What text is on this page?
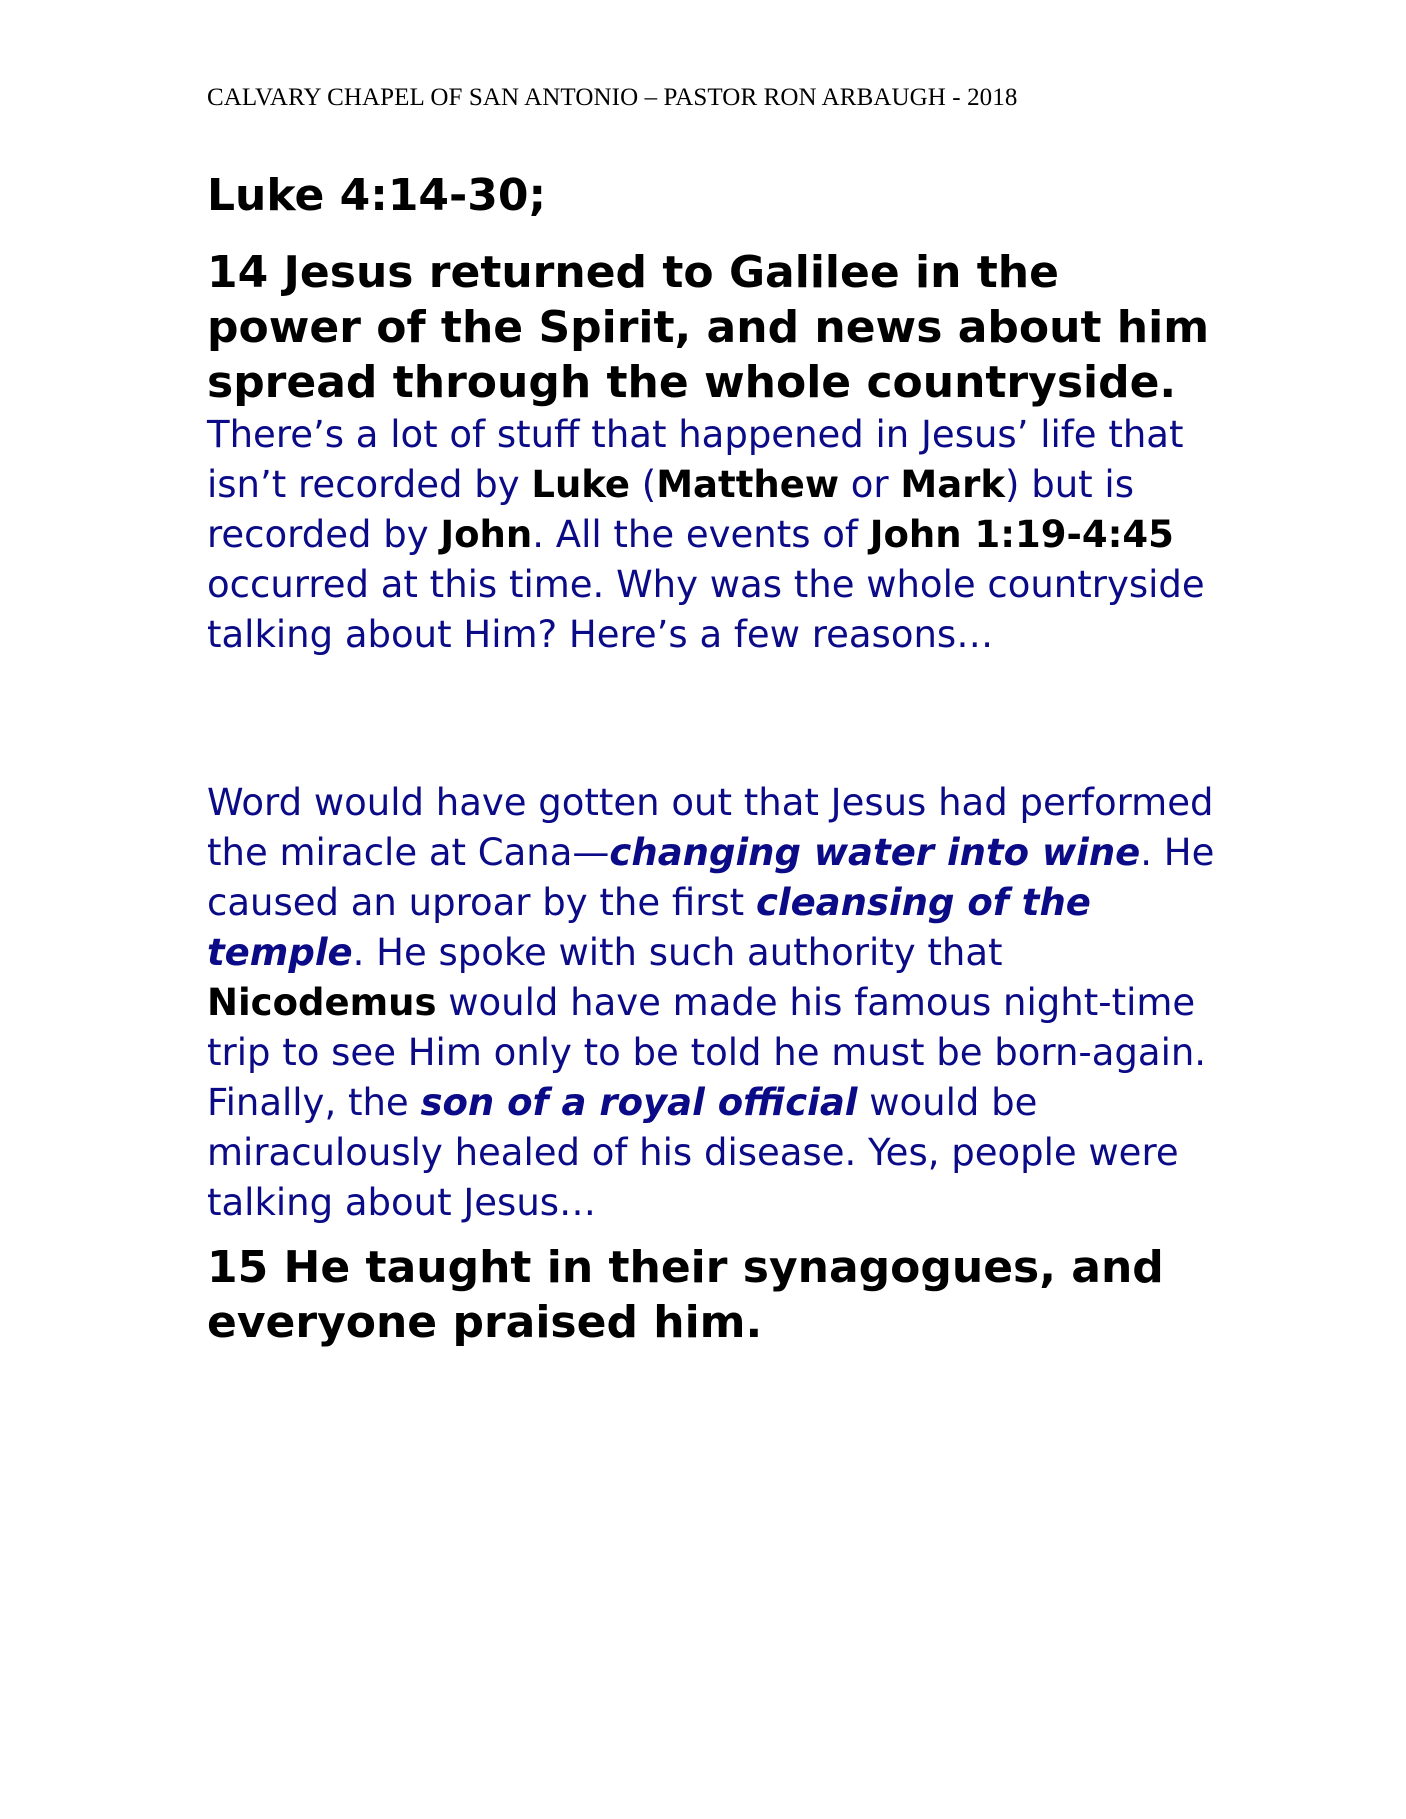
CALVARY CHAPEL OF SAN ANTONIO – PASTOR RON ARBAUGH - 2018

Luke 4:14-30;

14 Jesus returned to Galilee in the power of the Spirit, and news about him spread through the whole countryside. There’s a lot of stuff that happened in Jesus’ life that isn’t recorded by Luke (Matthew or Mark) but is recorded by John. All the events of John 1:19-4:45 occurred at this time. Why was the whole countryside talking about Him? Here’s a few reasons…

Word would have gotten out that Jesus had performed the miracle at Cana—changing water into wine. He caused an uproar by the first cleansing of the temple. He spoke with such authority that Nicodemus would have made his famous night-time trip to see Him only to be told he must be born-again. Finally, the son of a royal official would be miraculously healed of his disease. Yes, people were talking about Jesus…

15 He taught in their synagogues, and everyone praised him.
